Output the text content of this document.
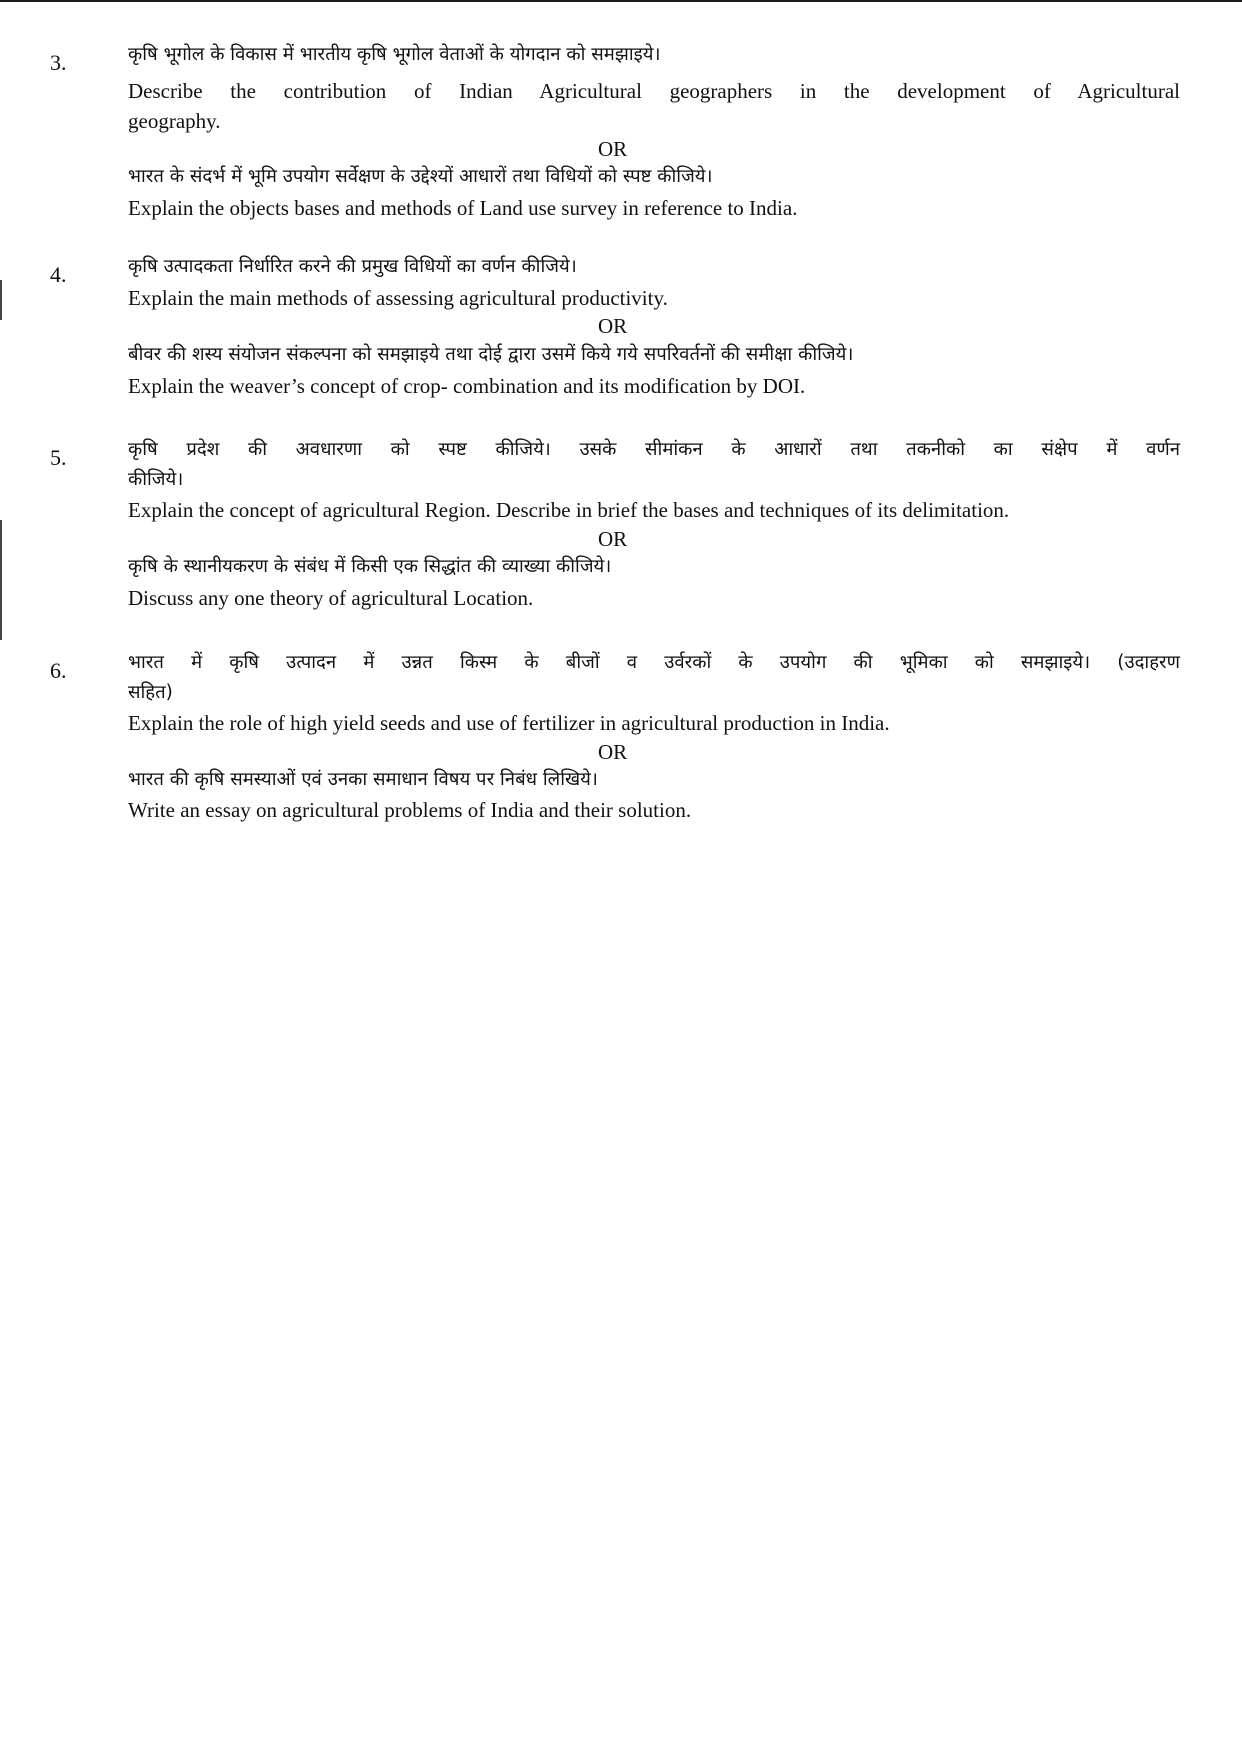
3.	कृषि भूगोल के विकास में भारतीय कृषि भूगोल वेताओं के योगदान को समझाइये।
Describe the contribution of Indian Agricultural geographers in the development of Agricultural
geography.
OR
भारत के संदर्भ में भूमि उपयोग सर्वेक्षण के उद्देश्यों आधारों तथा विधियों को स्पष्ट कीजिये।
Explain the objects bases and methods of Land use survey in reference to India.
4.	कृषि उत्पादकता निर्धारित करने की प्रमुख विधियों का वर्णन कीजिये।
Explain the main methods of assessing agricultural productivity.
OR
बीवर की शस्य संयोजन संकल्पना को समझाइये तथा दोई द्वारा उसमें किये गये सपरिवर्तनों की समीक्षा कीजिये।
Explain the weaver’s concept of crop- combination and its modification by DOI.
5.	कृषि प्रदेश की अवधारणा को स्पष्ट कीजिये। उसके सीमांकन के आधारों तथा तकनीको का संक्षेप में वर्णन
कीजिये।
Explain the concept of agricultural Region. Describe in brief the bases and techniques of its delimitation.
OR
कृषि के स्थानीयकरण के संबंध में किसी एक सिद्धांत की व्याख्या कीजिये।
Discuss any one theory of agricultural Location.
6.	भारत में कृषि उत्पादन में उन्नत किस्म के बीजों व उर्वरकों के उपयोग की भूमिका को समझाइये। (उदाहरण
सहित)
Explain the role of high yield seeds and use of fertilizer in agricultural production in India.
OR
भारत की कृषि समस्याओं एवं उनका समाधान विषय पर निबंध लिखिये।
Write an essay on agricultural problems of India and their solution.
